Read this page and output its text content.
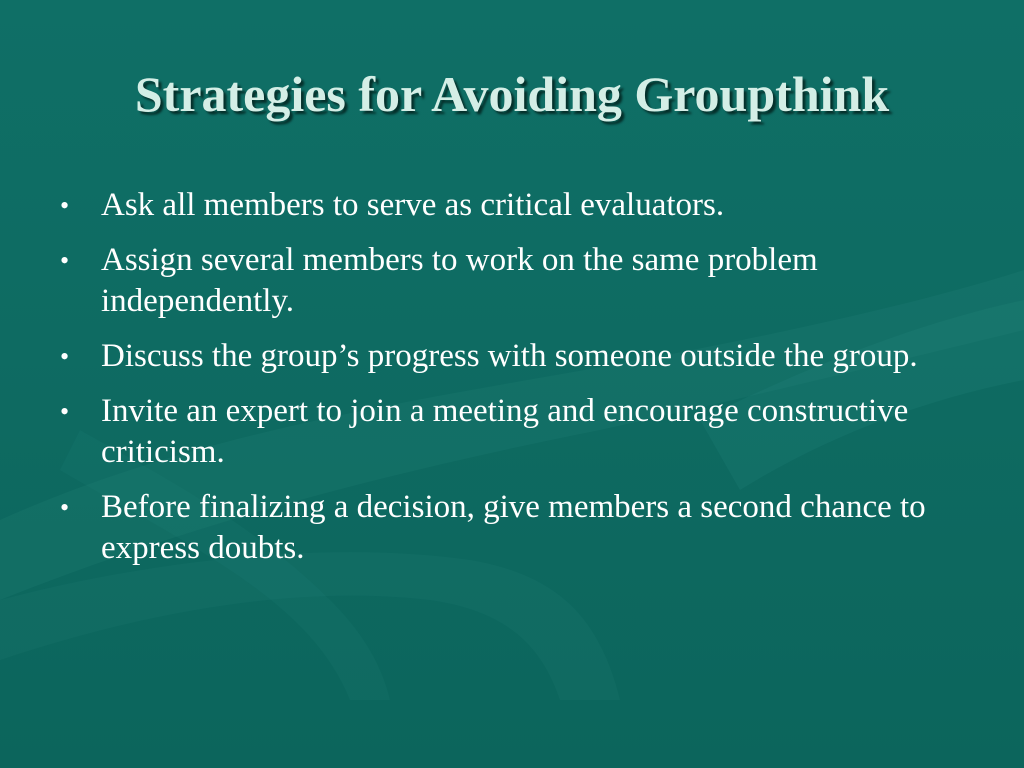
Strategies for Avoiding Groupthink
• Ask all members to serve as critical evaluators.
• Assign several members to work on the same problem independently.
• Discuss the group’s progress with someone outside the group.
• Invite an expert to join a meeting and encourage constructive criticism.
• Before finalizing a decision, give members a second chance to express doubts.
